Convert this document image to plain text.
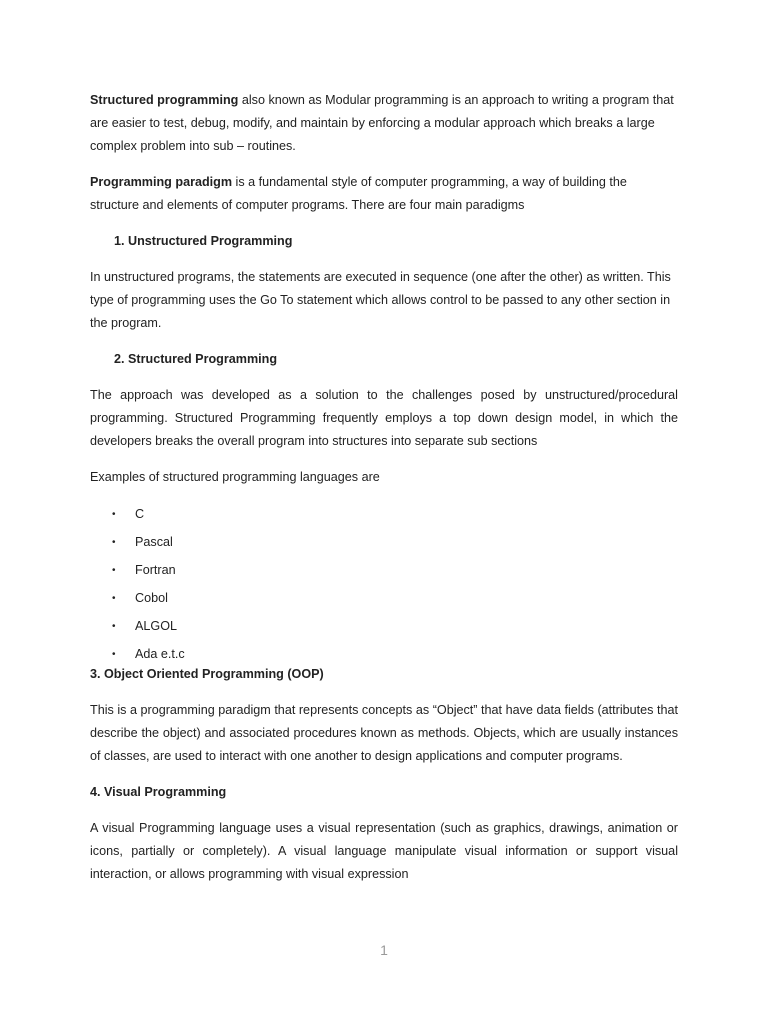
Structured programming also known as Modular programming is an approach to writing a program that are easier to test, debug, modify, and maintain by enforcing a modular approach which breaks a large complex problem into sub – routines.

Programming paradigm is a fundamental style of computer programming, a way of building the structure and elements of computer programs. There are four main paradigms

1. Unstructured Programming

In unstructured programs, the statements are executed in sequence (one after the other) as written. This type of programming uses the Go To statement which allows control to be passed to any other section in the program.

2. Structured Programming

The approach was developed as a solution to the challenges posed by unstructured/procedural programming. Structured Programming frequently employs a top down design model, in which the developers breaks the overall program into structures into separate sub sections

Examples of structured programming languages are

• C
• Pascal
• Fortran
• Cobol
• ALGOL
• Ada e.t.c

3. Object Oriented Programming (OOP)

This is a programming paradigm that represents concepts as “Object” that have data fields (attributes that describe the object) and associated procedures known as methods. Objects, which are usually instances of classes, are used to interact with one another to design applications and computer programs.

4. Visual Programming

A visual Programming language uses a visual representation (such as graphics, drawings, animation or icons, partially or completely). A visual language manipulate visual information or support visual interaction, or allows programming with visual expression

1
